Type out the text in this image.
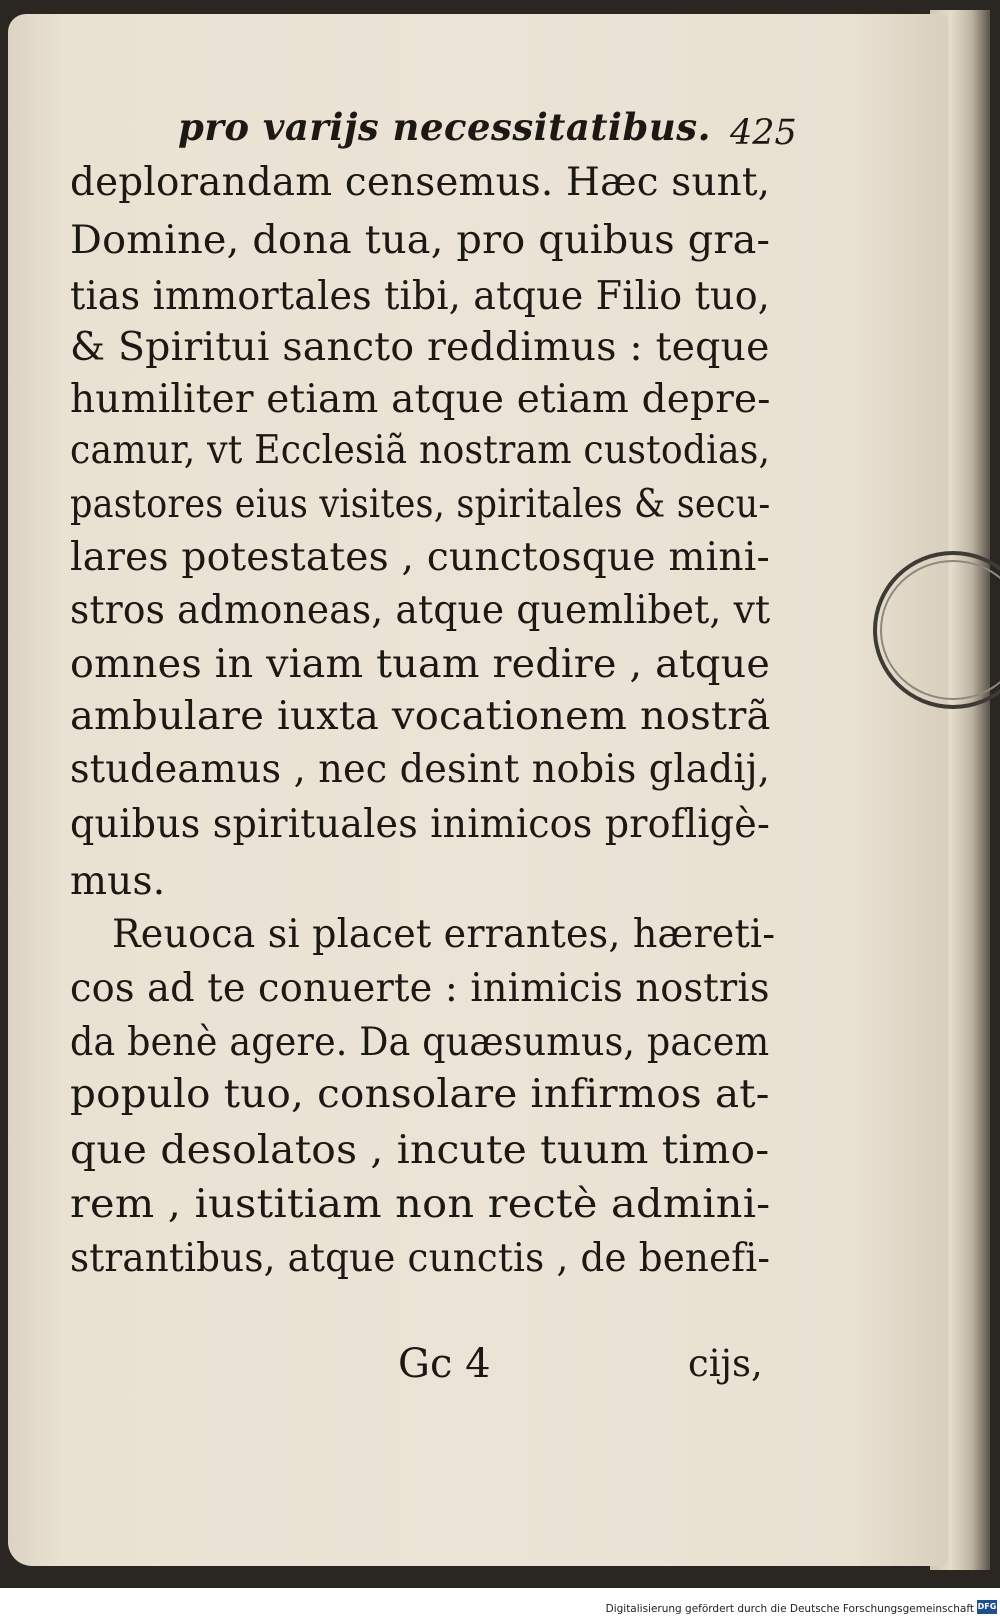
pro varijs necessitatibus. 425
deplorandam censemus. Hæc sunt,
Domine, dona tua, pro quibus gra-
tias immortales tibi, atque Filio tuo,
& Spiritui sancto reddimus : teque
humiliter etiam atque etiam depre-
camur, vt Ecclesiã nostram custodias,
pastores eius visites, spiritales & secu-
lares potestates , cunctosque mini-
stros admoneas, atque quemlibet, vt
omnes in viam tuam redire , atque
ambulare iuxta vocationem nostrã
studeamus , nec desint nobis gladij,
quibus spirituales inimicos profligè-
mus.
Reuoca si placet errantes, hæreti-
cos ad te conuerte : inimicis nostris
da benè agere. Da quæsumus, pacem
populo tuo, consolare infirmos at-
que desolatos , incute tuum timo-
rem , iustitiam non rectè admini-
strantibus, atque cunctis , de benefi-
Gc 4	cijs,
Digitalisierung gefördert durch die Deutsche Forschungsgemeinschaft DFG
